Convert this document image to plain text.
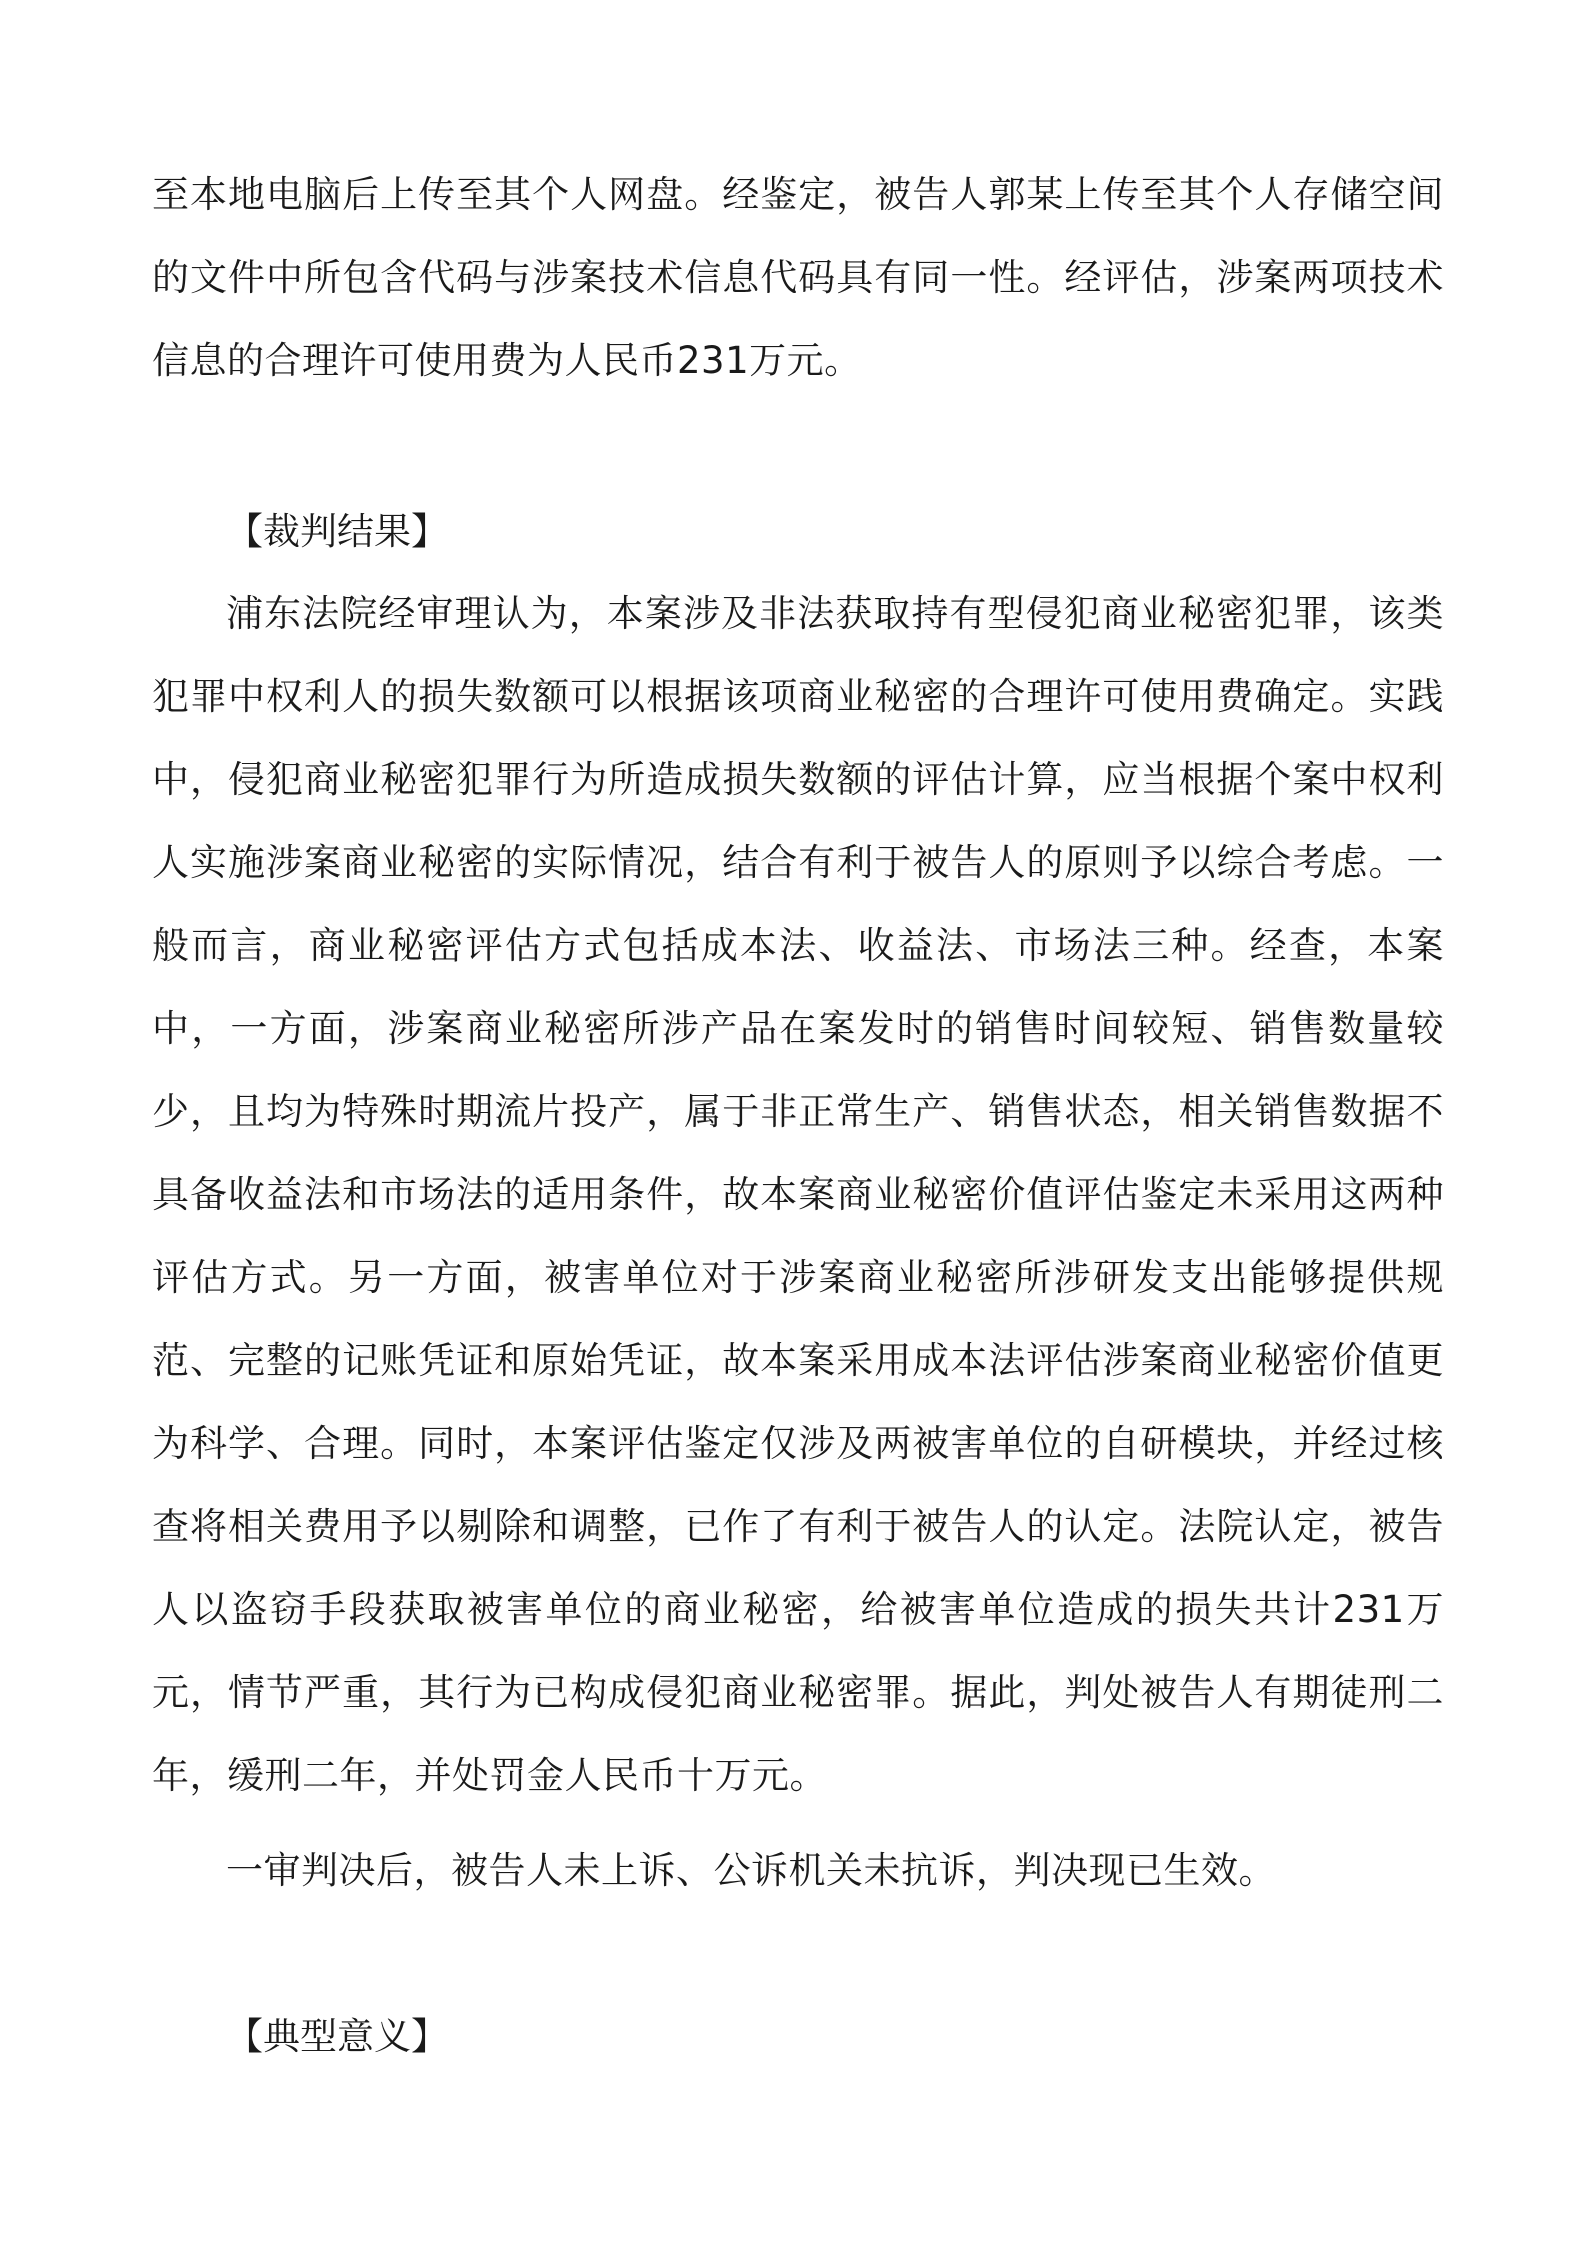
至本地电脑后上传至其个人网盘。经鉴定，被告人郭某上传至其个人存储空间的文件中所包含代码与涉案技术信息代码具有同一性。经评估，涉案两项技术信息的合理许可使用费为人民币231万元。

【裁判结果】

浦东法院经审理认为，本案涉及非法获取持有型侵犯商业秘密犯罪，该类犯罪中权利人的损失数额可以根据该项商业秘密的合理许可使用费确定。实践中，侵犯商业秘密犯罪行为所造成损失数额的评估计算，应当根据个案中权利人实施涉案商业秘密的实际情况，结合有利于被告人的原则予以综合考虑。一般而言，商业秘密评估方式包括成本法、收益法、市场法三种。经查，本案中，一方面，涉案商业秘密所涉产品在案发时的销售时间较短、销售数量较少，且均为特殊时期流片投产，属于非正常生产、销售状态，相关销售数据不具备收益法和市场法的适用条件，故本案商业秘密价值评估鉴定未采用这两种评估方式。另一方面，被害单位对于涉案商业秘密所涉研发支出能够提供规范、完整的记账凭证和原始凭证，故本案采用成本法评估涉案商业秘密价值更为科学、合理。同时，本案评估鉴定仅涉及两被害单位的自研模块，并经过核查将相关费用予以剔除和调整，已作了有利于被告人的认定。法院认定，被告人以盗窃手段获取被害单位的商业秘密，给被害单位造成的损失共计231万元，情节严重，其行为已构成侵犯商业秘密罪。据此，判处被告人有期徒刑二年，缓刑二年，并处罚金人民币十万元。

一审判决后，被告人未上诉、公诉机关未抗诉，判决现已生效。

【典型意义】
